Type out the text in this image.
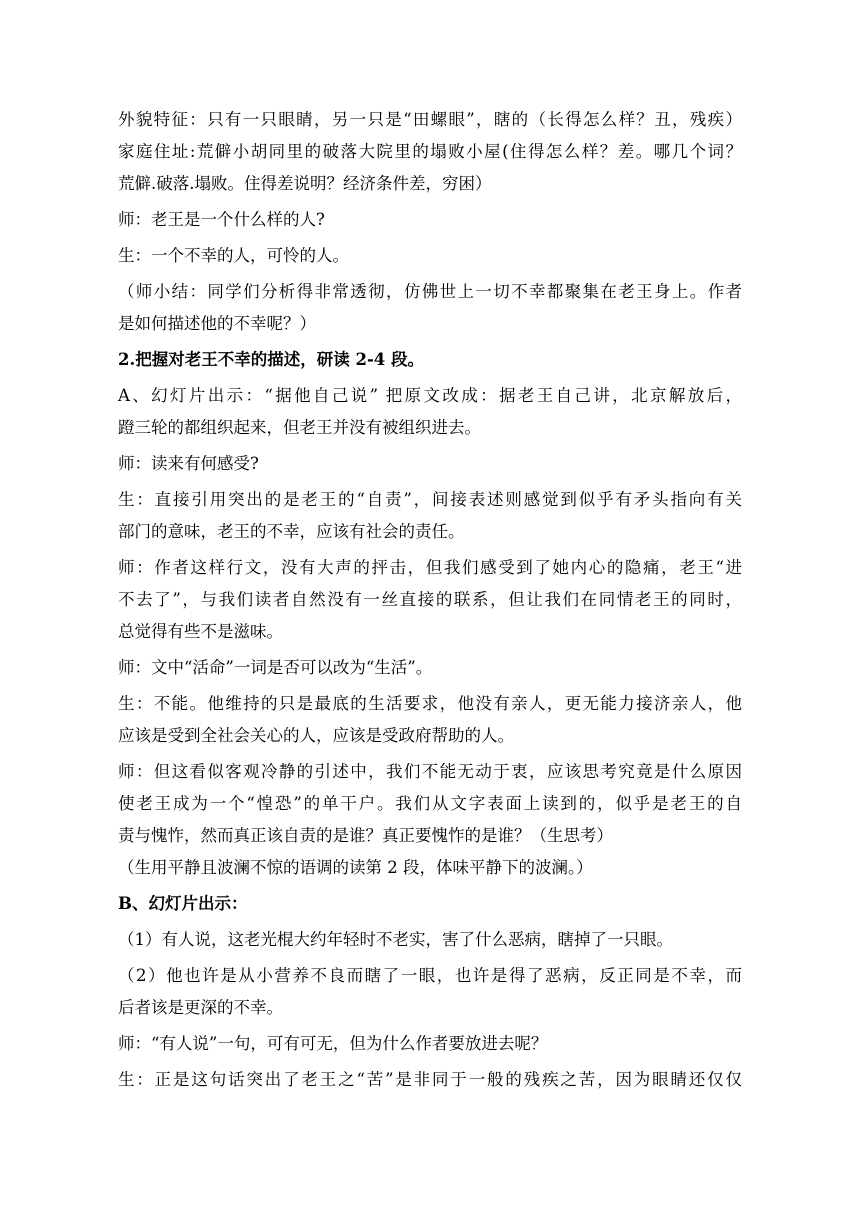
外貌特征：只有一只眼睛，另一只是“田螺眼”，瞎的（长得怎么样？丑，残疾）
家庭住址:荒僻小胡同里的破落大院里的塌败小屋(住得怎么样？差。哪几个词？
荒僻.破落.塌败。住得差说明？经济条件差，穷困）
师：老王是一个什么样的人?
生：一个不幸的人，可怜的人。
（师小结：同学们分析得非常透彻，仿佛世上一切不幸都聚集在老王身上。作者
是如何描述他的不幸呢？）
2.把握对老王不幸的描述，研读 2-4 段。
A、幻灯片出示：“据他自己说” 把原文改成：据老王自己讲，北京解放后，
蹬三轮的都组织起来，但老王并没有被组织进去。
师：读来有何感受?
生：直接引用突出的是老王的“自责”，间接表述则感觉到似乎有矛头指向有关
部门的意味，老王的不幸，应该有社会的责任。
师：作者这样行文，没有大声的抨击，但我们感受到了她内心的隐痛，老王“进
不去了”，与我们读者自然没有一丝直接的联系，但让我们在同情老王的同时，
总觉得有些不是滋味。
师：文中“活命”一词是否可以改为“生活”。
生：不能。他维持的只是最底的生活要求，他没有亲人，更无能力接济亲人，他
应该是受到全社会关心的人，应该是受政府帮助的人。
师：但这看似客观冷静的引述中，我们不能无动于衷，应该思考究竟是什么原因
使老王成为一个“惶恐”的单干户。我们从文字表面上读到的，似乎是老王的自
责与愧怍，然而真正该自责的是谁？真正要愧怍的是谁？（生思考）
（生用平静且波澜不惊的语调的读第 2 段，体味平静下的波澜。）
B、幻灯片出示：
（1）有人说，这老光棍大约年轻时不老实，害了什么恶病，瞎掉了一只眼。
（2）他也许是从小营养不良而瞎了一眼，也许是得了恶病，反正同是不幸，而
后者该是更深的不幸。
师：“有人说”一句，可有可无，但为什么作者要放进去呢？
生：正是这句话突出了老王之“苦”是非同于一般的残疾之苦，因为眼睛还仅仅
